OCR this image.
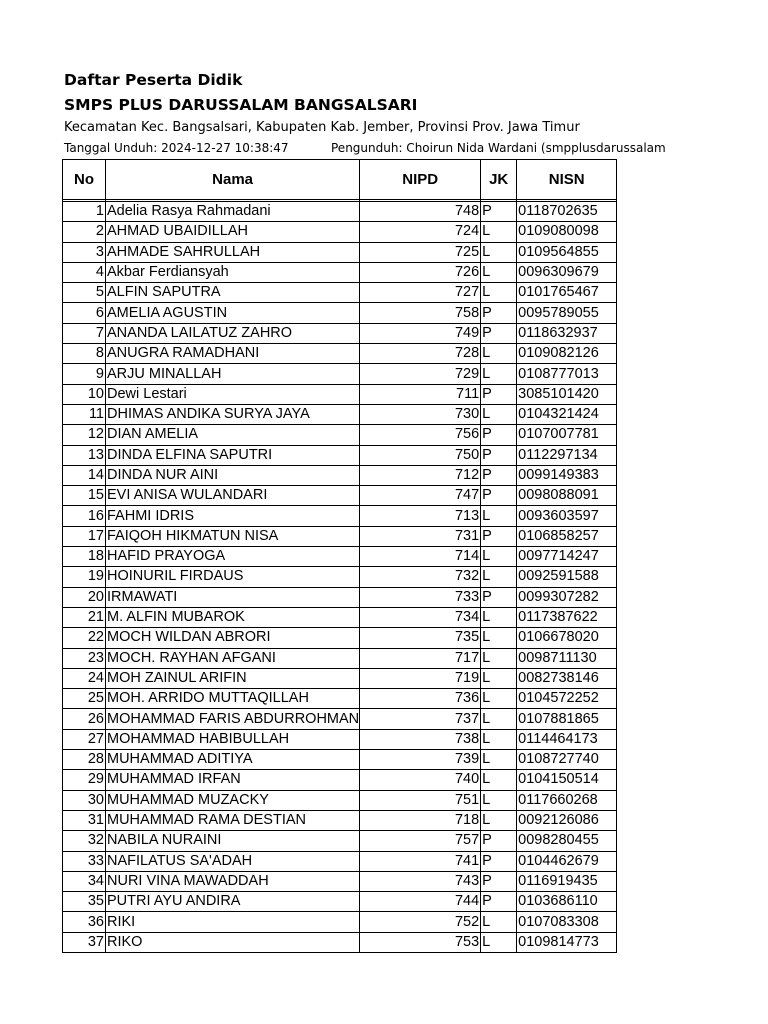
Daftar Peserta Didik
SMPS PLUS DARUSSALAM BANGSALSARI
Kecamatan Kec. Bangsalsari, Kabupaten Kab. Jember, Provinsi Prov. Jawa Timur
Tanggal Unduh: 2024-12-27 10:38:47	Pengunduh: Choirun Nida Wardani (smpplusdarussalam
No	Nama	NIPD	JK	NISN

1	Adelia Rasya Rahmadani	748	P	0118702635
2	AHMAD UBAIDILLAH	724	L	0109080098
3	AHMADE SAHRULLAH	725	L	0109564855
4	Akbar Ferdiansyah	726	L	0096309679
5	ALFIN SAPUTRA	727	L	0101765467
6	AMELIA AGUSTIN	758	P	0095789055
7	ANANDA LAILATUZ ZAHRO	749	P	0118632937
8	ANUGRA RAMADHANI	728	L	0109082126
9	ARJU MINALLAH	729	L	0108777013
10	Dewi Lestari	711	P	3085101420
11	DHIMAS ANDIKA SURYA JAYA	730	L	0104321424
12	DIAN AMELIA	756	P	0107007781
13	DINDA ELFINA SAPUTRI	750	P	0112297134
14	DINDA NUR AINI	712	P	0099149383
15	EVI ANISA WULANDARI	747	P	0098088091
16	FAHMI IDRIS	713	L	0093603597
17	FAIQOH HIKMATUN NISA	731	P	0106858257
18	HAFID PRAYOGA	714	L	0097714247
19	HOINURIL FIRDAUS	732	L	0092591588
20	IRMAWATI	733	P	0099307282
21	M. ALFIN MUBAROK	734	L	0117387622
22	MOCH WILDAN ABRORI	735	L	0106678020
23	MOCH. RAYHAN AFGANI	717	L	0098711130
24	MOH ZAINUL ARIFIN	719	L	0082738146
25	MOH. ARRIDO MUTTAQILLAH	736	L	0104572252
26	MOHAMMAD FARIS ABDURROHMAN	737	L	0107881865
27	MOHAMMAD HABIBULLAH	738	L	0114464173
28	MUHAMMAD ADITIYA	739	L	0108727740
29	MUHAMMAD IRFAN	740	L	0104150514
30	MUHAMMAD MUZACKY	751	L	0117660268
31	MUHAMMAD RAMA DESTIAN	718	L	0092126086
32	NABILA NURAINI	757	P	0098280455
33	NAFILATUS SA'ADAH	741	P	0104462679
34	NURI VINA MAWADDAH	743	P	0116919435
35	PUTRI AYU ANDIRA	744	P	0103686110
36	RIKI	752	L	0107083308
37	RIKO	753	L	0109814773
